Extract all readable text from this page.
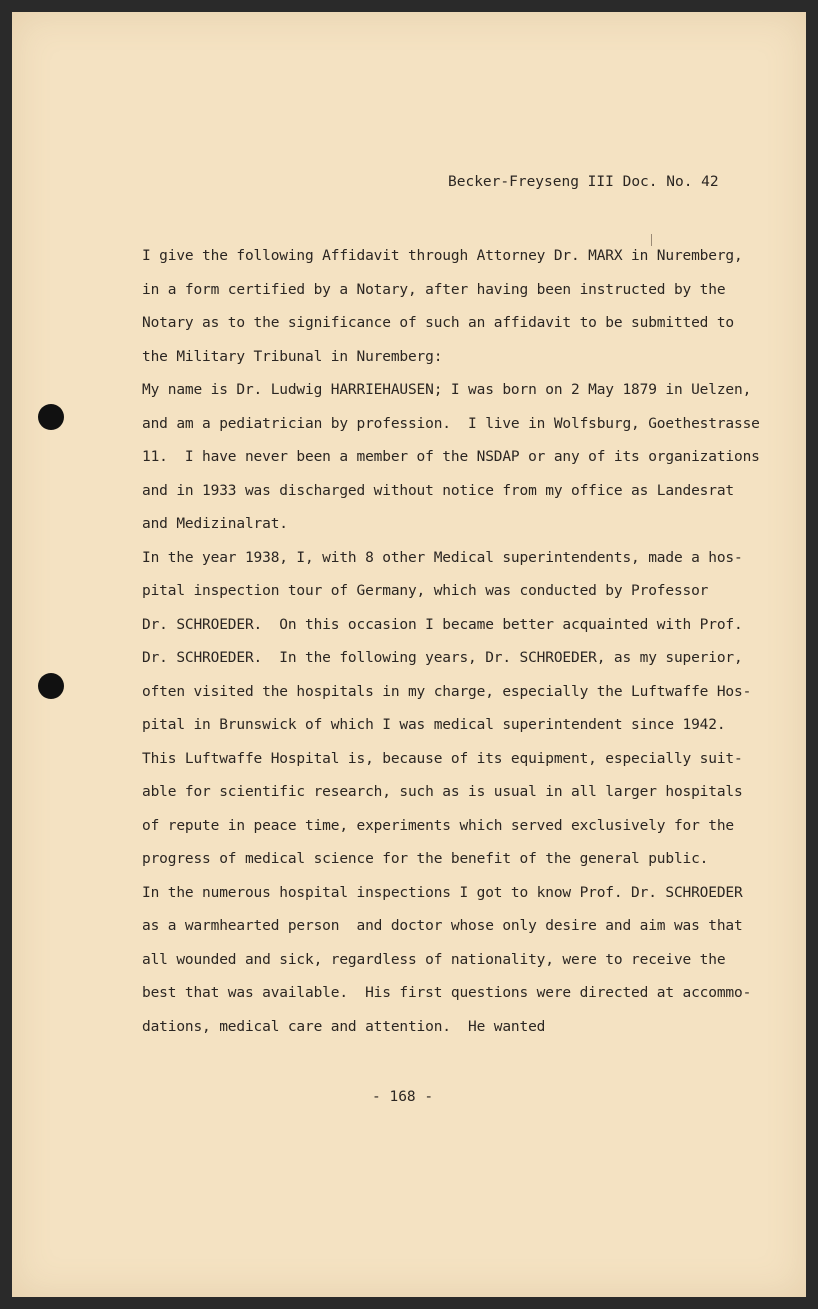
Becker-Freyseng III Doc. No. 42
I give the following Affidavit through Attorney Dr. MARX in Nuremberg,
in a form certified by a Notary, after having been instructed by the
Notary as to the significance of such an affidavit to be submitted to
the Military Tribunal in Nuremberg:
My name is Dr. Ludwig HARRIEHAUSEN; I was born on 2 May 1879 in Uelzen,
and am a pediatrician by profession.  I live in Wolfsburg, Goethestrasse
11.  I have never been a member of the NSDAP or any of its organizations
and in 1933 was discharged without notice from my office as Landesrat
and Medizinalrat.
In the year 1938, I, with 8 other Medical superintendents, made a hos-
pital inspection tour of Germany, which was conducted by Professor
Dr. SCHROEDER.  On this occasion I became better acquainted with Prof.
Dr. SCHROEDER.  In the following years, Dr. SCHROEDER, as my superior,
often visited the hospitals in my charge, especially the Luftwaffe Hos-
pital in Brunswick of which I was medical superintendent since 1942.
This Luftwaffe Hospital is, because of its equipment, especially suit-
able for scientific research, such as is usual in all larger hospitals
of repute in peace time, experiments which served exclusively for the
progress of medical science for the benefit of the general public.
In the numerous hospital inspections I got to know Prof. Dr. SCHROEDER
as a warmhearted person  and doctor whose only desire and aim was that
all wounded and sick, regardless of nationality, were to receive the
best that was available.  His first questions were directed at accommo-
dations, medical care and attention.  He wanted
- 168 -
